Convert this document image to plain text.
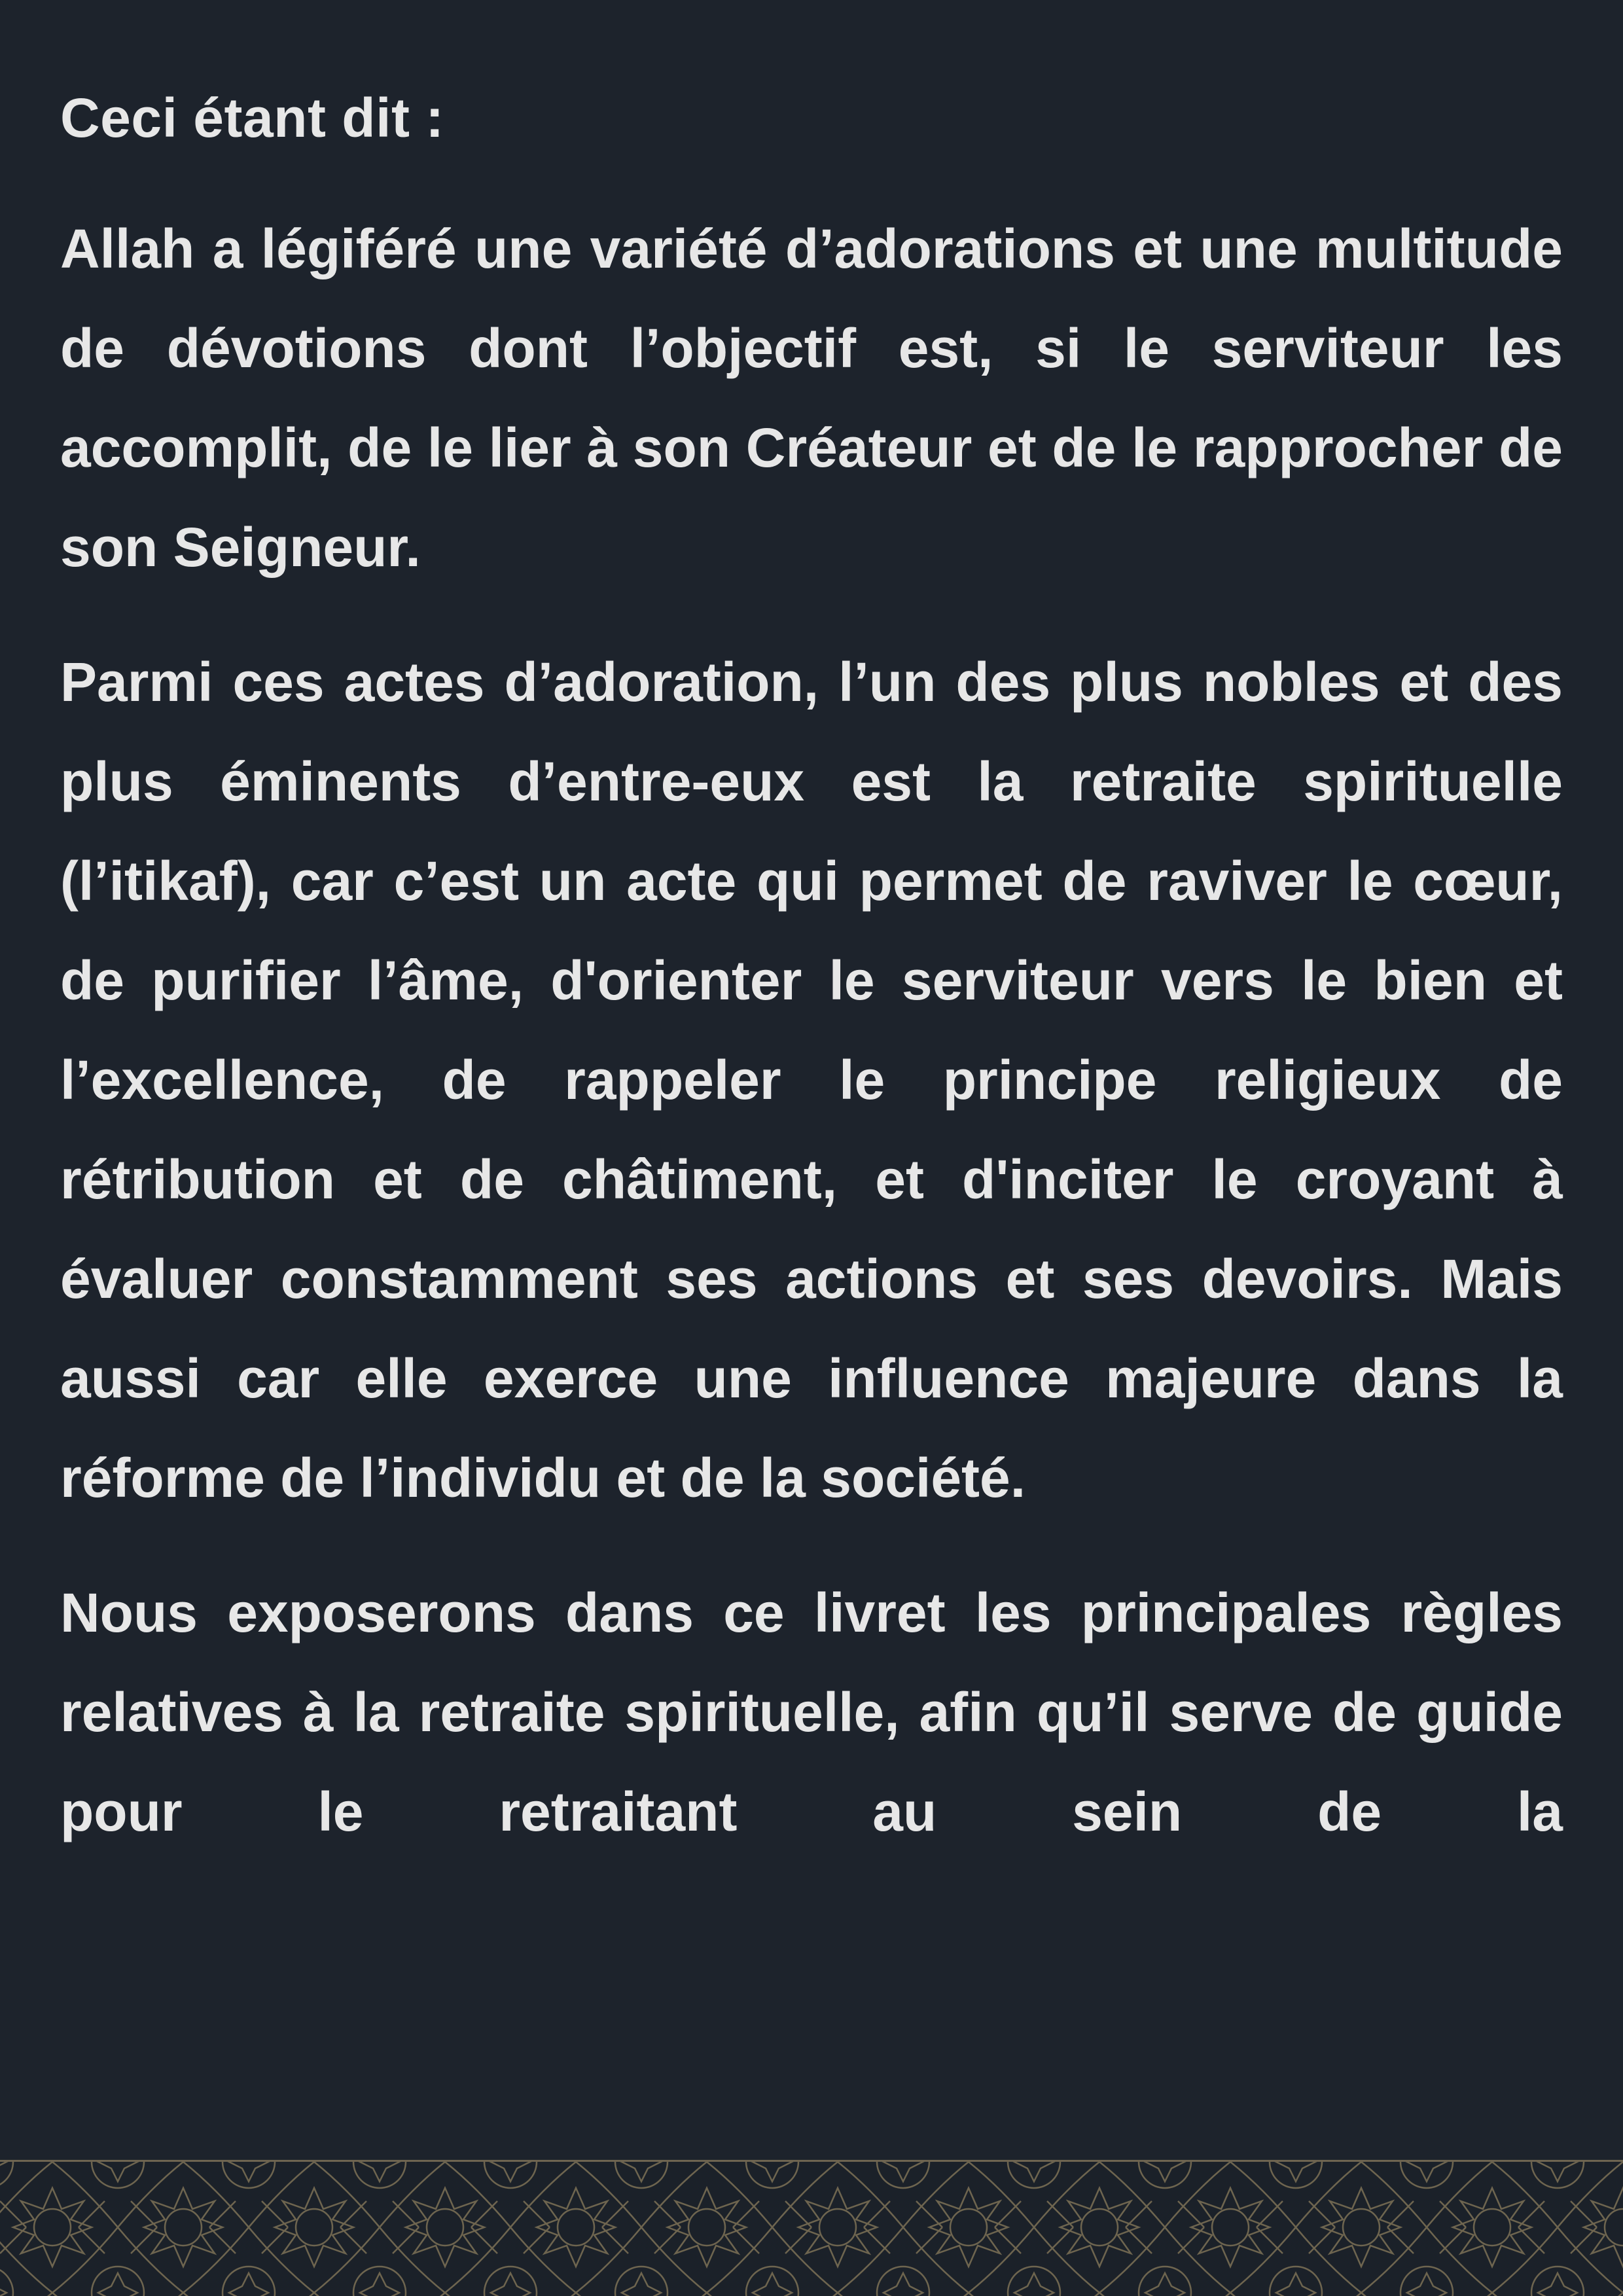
Ceci étant dit :

Allah a légiféré une variété d’adorations et une multitude de dévotions dont l’objectif est, si le serviteur les accomplit, de le lier à son Créateur et de le rapprocher de son Seigneur.

Parmi ces actes d’adoration, l’un des plus nobles et des plus éminents d’entre-eux est la retraite spirituelle (l’itikaf), car c’est un acte qui permet de raviver le cœur, de purifier l’âme, d'orienter le serviteur vers le bien et l’excellence, de rappeler le principe religieux de rétribution et de châtiment, et d'inciter le croyant à évaluer constamment ses actions et ses devoirs. Mais aussi car elle exerce une influence majeure dans la réforme de l’individu et de la société.

Nous exposerons dans ce livret les principales règles relatives à la retraite spirituelle, afin qu’il serve de guide pour le retraitant au sein de la
